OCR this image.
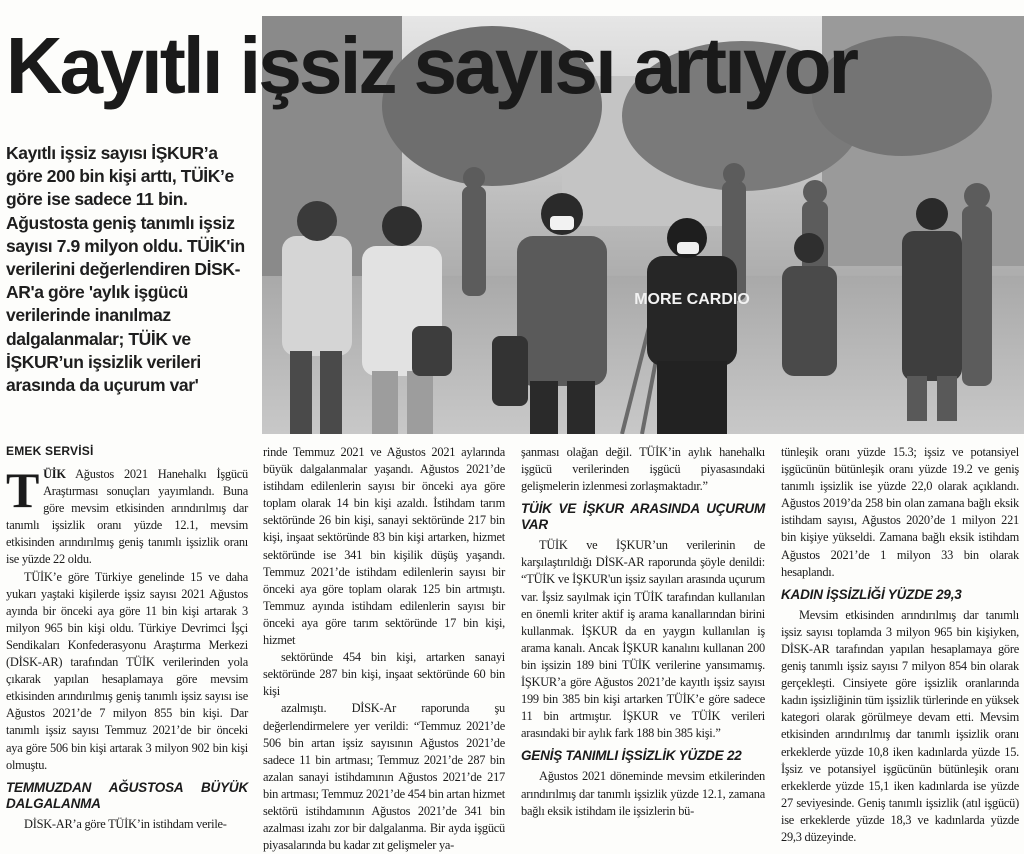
Kayıtlı işsiz sayısı artıyor
MORE CARDIO

Kayıtlı işsiz sayısı İŞKUR’a göre 200 bin kişi arttı, TÜİK’e göre ise sadece 11 bin. Ağustosta geniş tanımlı işsiz sayısı 7.9 milyon oldu. TÜİK'in verilerini değerlendiren DİSK-AR'a göre 'aylık işgücü verilerinde inanılmaz dalgalanmalar; TÜİK ve İŞKUR’un işsizlik verileri arasında da uçurum var'

EMEK SERVİSİ

TÜİK Ağustos 2021 Hanehalkı İşgücü Araştırması sonuçları yayımlandı. Buna göre mevsim etkisinden arındırılmış dar tanımlı işsizlik oranı yüzde 12.1, mevsim etkisinden arındırılmış geniş tanımlı işsizlik oranı ise yüzde 22 oldu.

TÜİK’e göre Türkiye genelinde 15 ve daha yukarı yaştaki kişilerde işsiz sayısı 2021 Ağustos ayında bir önceki aya göre 11 bin kişi artarak 3 milyon 965 bin kişi oldu. Türkiye Devrimci İşçi Sendikaları Konfederasyonu Araştırma Merkezi (DİSK-AR) tarafından TÜİK verilerinden yola çıkarak yapılan hesaplamaya göre mevsim etkisinden arındırılmış geniş tanımlı işsiz sayısı ise Ağustos 2021’de 7 milyon 855 bin kişi. Dar tanımlı işsiz sayısı Temmuz 2021’de bir önceki aya göre 506 bin kişi artarak 3 milyon 902 bin kişi olmuştu.

TEMMUZDAN AĞUSTOSA BÜYÜK DALGALANMA

DİSK-AR’a göre TÜİK’in istihdam verile-

rinde Temmuz 2021 ve Ağustos 2021 aylarında büyük dalgalanmalar yaşandı. Ağustos 2021’de istihdam edilenlerin sayısı bir önceki aya göre toplam olarak 14 bin kişi azaldı. İstihdam tarım sektöründe 26 bin kişi, sanayi sektöründe 217 bin kişi, inşaat sektöründe 83 bin kişi artarken, hizmet sektöründe ise 341 bin kişilik düşüş yaşandı. Temmuz 2021’de istihdam edilenlerin sayısı bir önceki aya göre toplam olarak 125 bin artmıştı. Temmuz ayında istihdam edilenlerin sayısı bir önceki aya göre tarım sektöründe 17 bin kişi, hizmet

sektöründe 454 bin kişi, artarken sanayi sektöründe 287 bin kişi, inşaat sektöründe 60 bin kişi

azalmıştı. DİSK-Ar raporunda şu değerlendirmelere yer verildi: “Temmuz 2021’de 506 bin artan işsiz sayısının Ağustos 2021’de sadece 11 bin artması; Temmuz 2021’de 287 bin azalan sanayi istihdamının Ağustos 2021’de 217 bin artması; Temmuz 2021’de 454 bin artan hizmet sektörü istihdamının Ağustos 2021’de 341 bin azalması izahı zor bir dalgalanma. Bir ayda işgücü piyasalarında bu kadar zıt gelişmeler ya-

şanması olağan değil. TÜİK’in aylık hanehalkı işgücü verilerinden işgücü piyasasındaki gelişmelerin izlenmesi zorlaşmaktadır.”

TÜİK VE İŞKUR ARASINDA UÇURUM VAR

TÜİK ve İŞKUR’un verilerinin de karşılaştırıldığı DİSK-AR raporunda şöyle denildi: “TÜİK ve İŞKUR'un işsiz sayıları arasında uçurum var. İşsiz sayılmak için TÜİK tarafından kullanılan en önemli kriter aktif iş arama kanallarından birini kullanmak. İŞKUR da en yaygın kullanılan iş arama kanalı. Ancak İŞKUR kanalını kullanan 200 bin işsizin 189 bini TÜİK verilerine yansımamış. İŞKUR’a göre Ağustos 2021’de kayıtlı işsiz sayısı 199 bin 385 bin kişi artarken TÜİK’e göre sadece 11 bin artmıştır. İŞKUR ve TÜİK verileri arasındaki bir aylık fark 188 bin 385 kişi.”

GENİŞ TANIMLI İŞSİZLİK YÜZDE 22

Ağustos 2021 döneminde mevsim etkilerinden arındırılmış dar tanımlı işsizlik yüzde 12.1, zamana bağlı eksik istihdam ile işsizlerin bü-

tünleşik oranı yüzde 15.3; işsiz ve potansiyel işgücünün bütünleşik oranı yüzde 19.2 ve geniş tanımlı işsizlik ise yüzde 22,0 olarak açıklandı. Ağustos 2019’da 258 bin olan zamana bağlı eksik istihdam sayısı, Ağustos 2020’de 1 milyon 221 bin kişiye yükseldi. Zamana bağlı eksik istihdam Ağustos 2021’de 1 milyon 33 bin olarak hesaplandı.

KADIN İŞSİZLİĞİ YÜZDE 29,3

Mevsim etkisinden arındırılmış dar tanımlı işsiz sayısı toplamda 3 milyon 965 bin kişiyken, DİSK-AR tarafından yapılan hesaplamaya göre geniş tanımlı işsiz sayısı 7 milyon 854 bin olarak gerçekleşti. Cinsiyete göre işsizlik oranlarında kadın işsizliğinin tüm işsizlik türlerinde en yüksek kategori olarak görülmeye devam etti. Mevsim etkisinden arındırılmış dar tanımlı işsizlik oranı erkeklerde yüzde 10,8 iken kadınlarda yüzde 15. İşsiz ve potansiyel işgücünün bütünleşik oranı erkeklerde yüzde 15,1 iken kadınlarda ise yüzde 27 seviyesinde. Geniş tanımlı işsizlik (atıl işgücü) ise erkeklerde yüzde 18,3 ve kadınlarda yüzde 29,3 düzeyinde.
